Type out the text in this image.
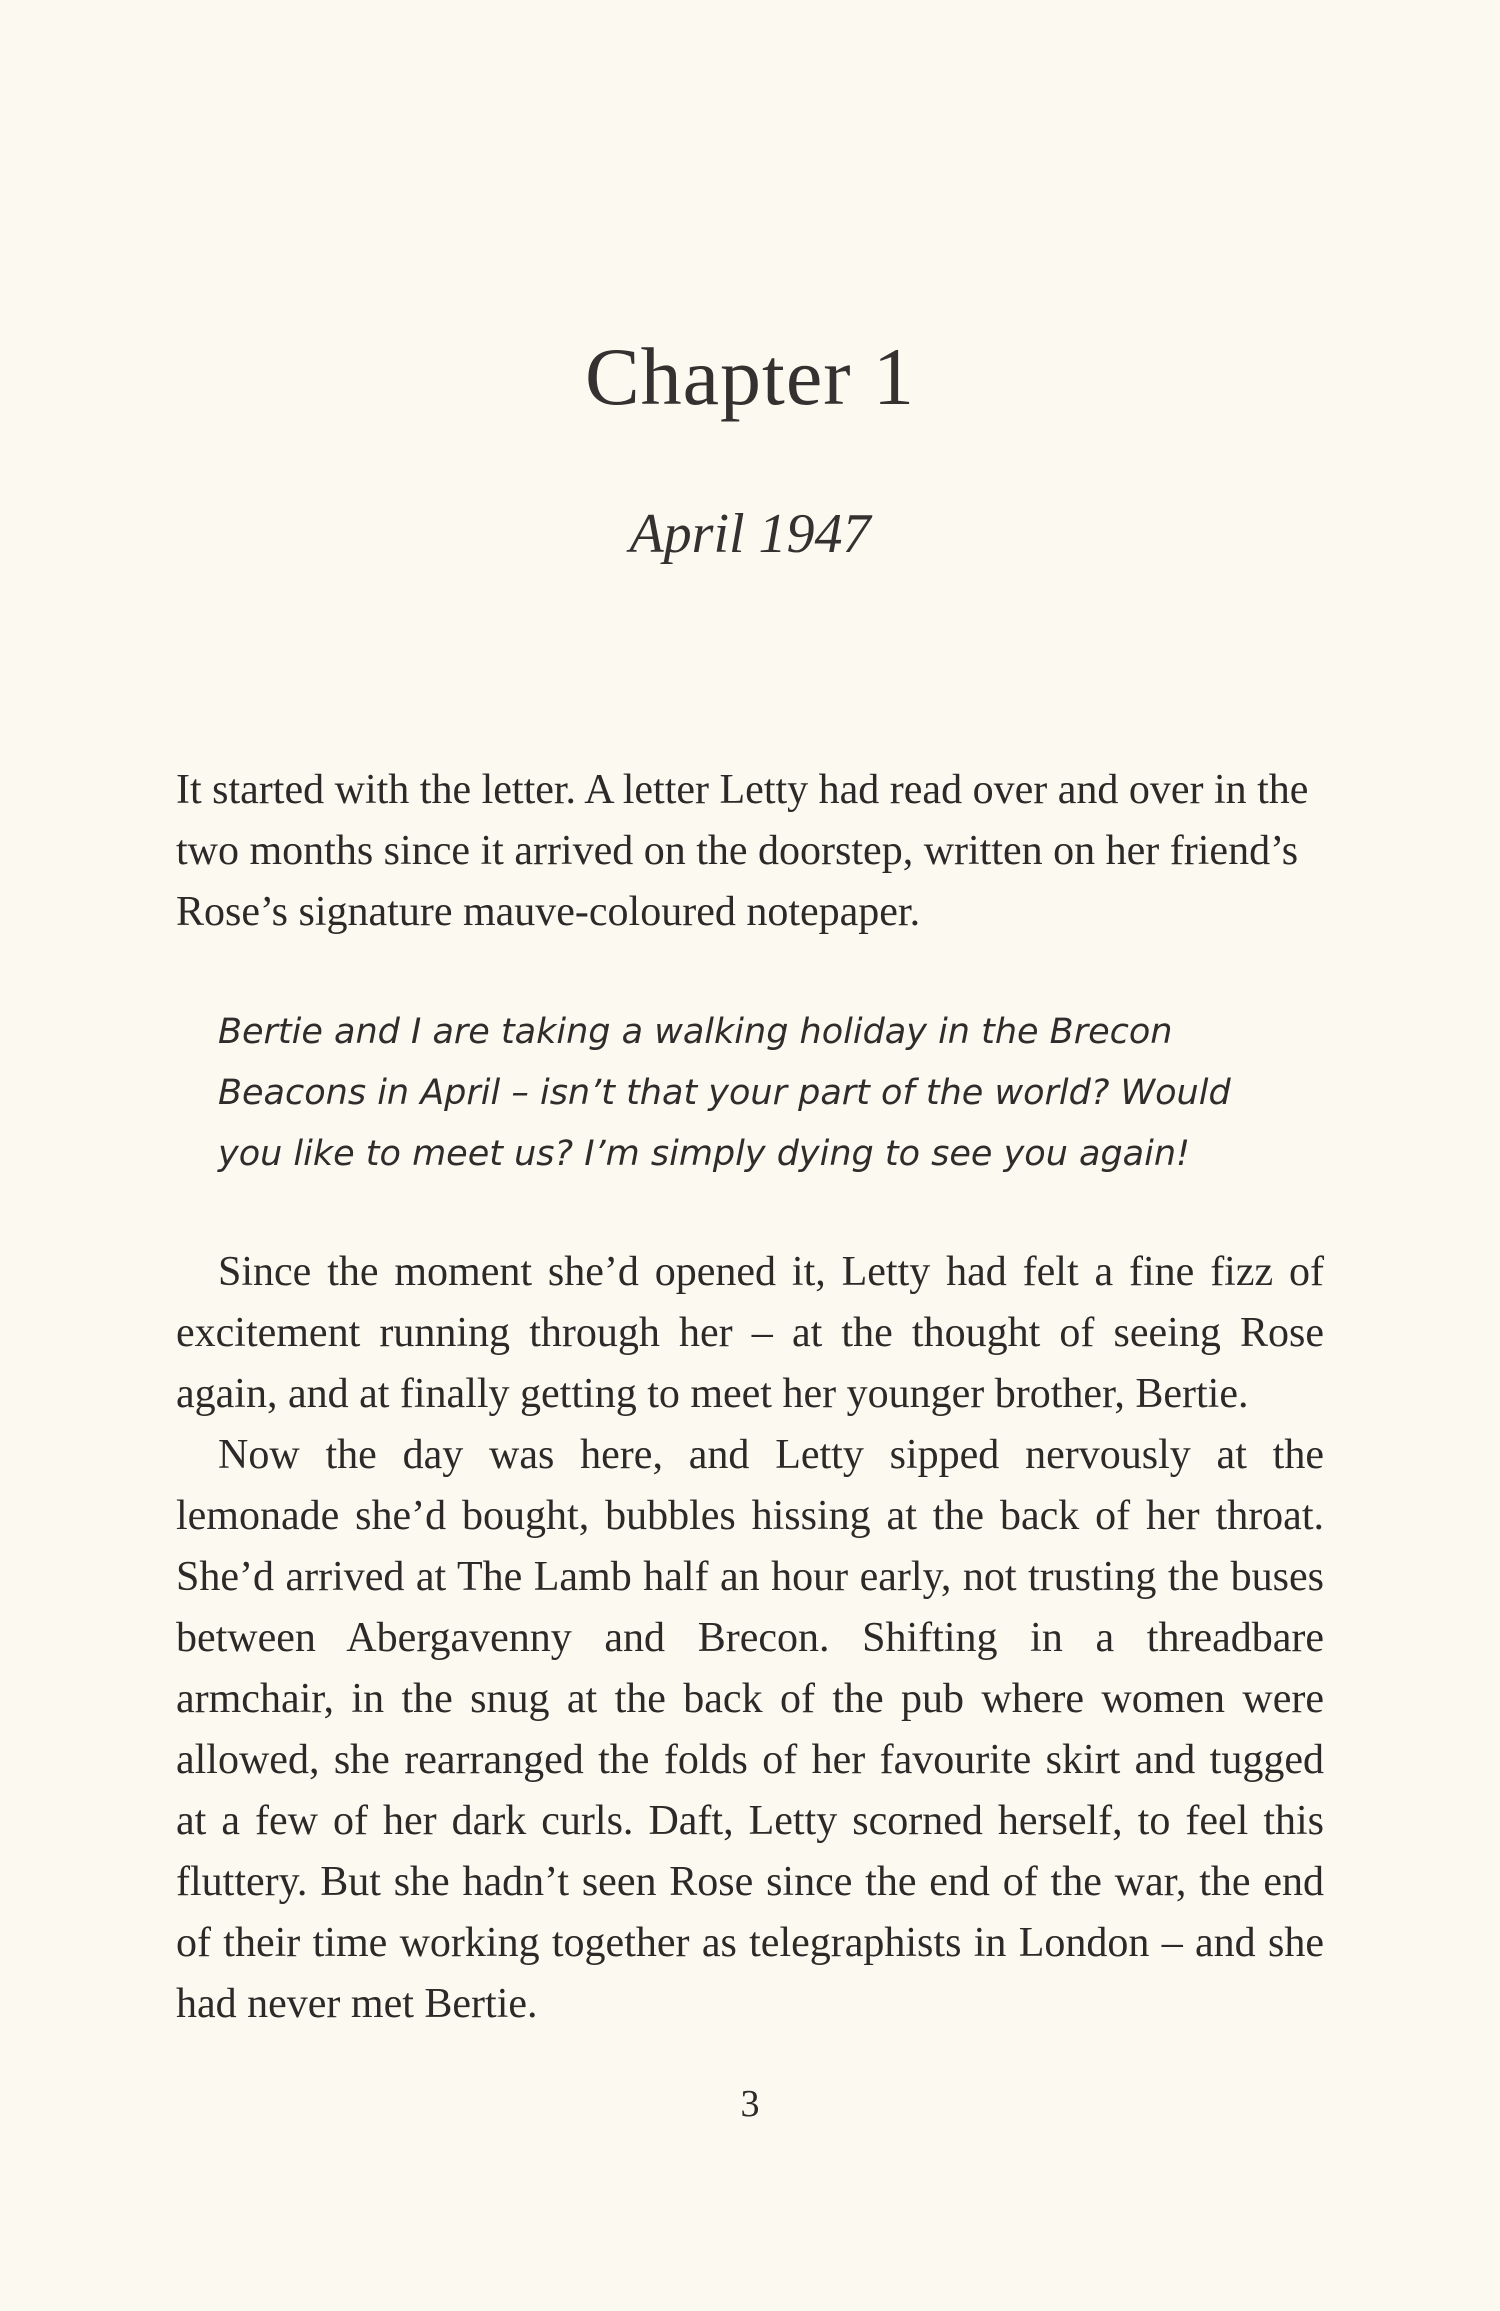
Chapter 1
April 1947

It started with the letter. A letter Letty had read over and over in the two months since it arrived on the doorstep, written on her friend’s Rose’s signature mauve-coloured notepaper.

Bertie and I are taking a walking holiday in the Brecon Beacons in April – isn’t that your part of the world? Would you like to meet us? I’m simply dying to see you again!

Since the moment she’d opened it, Letty had felt a fine fizz of excitement running through her – at the thought of seeing Rose again, and at finally getting to meet her younger brother, Bertie.

Now the day was here, and Letty sipped nervously at the lemonade she’d bought, bubbles hissing at the back of her throat. She’d arrived at The Lamb half an hour early, not trusting the buses between Abergavenny and Brecon. Shifting in a threadbare armchair, in the snug at the back of the pub where women were allowed, she rearranged the folds of her favourite skirt and tugged at a few of her dark curls. Daft, Letty scorned herself, to feel this fluttery. But she hadn’t seen Rose since the end of the war, the end of their time working together as telegraphists in London – and she had never met Bertie.

3
